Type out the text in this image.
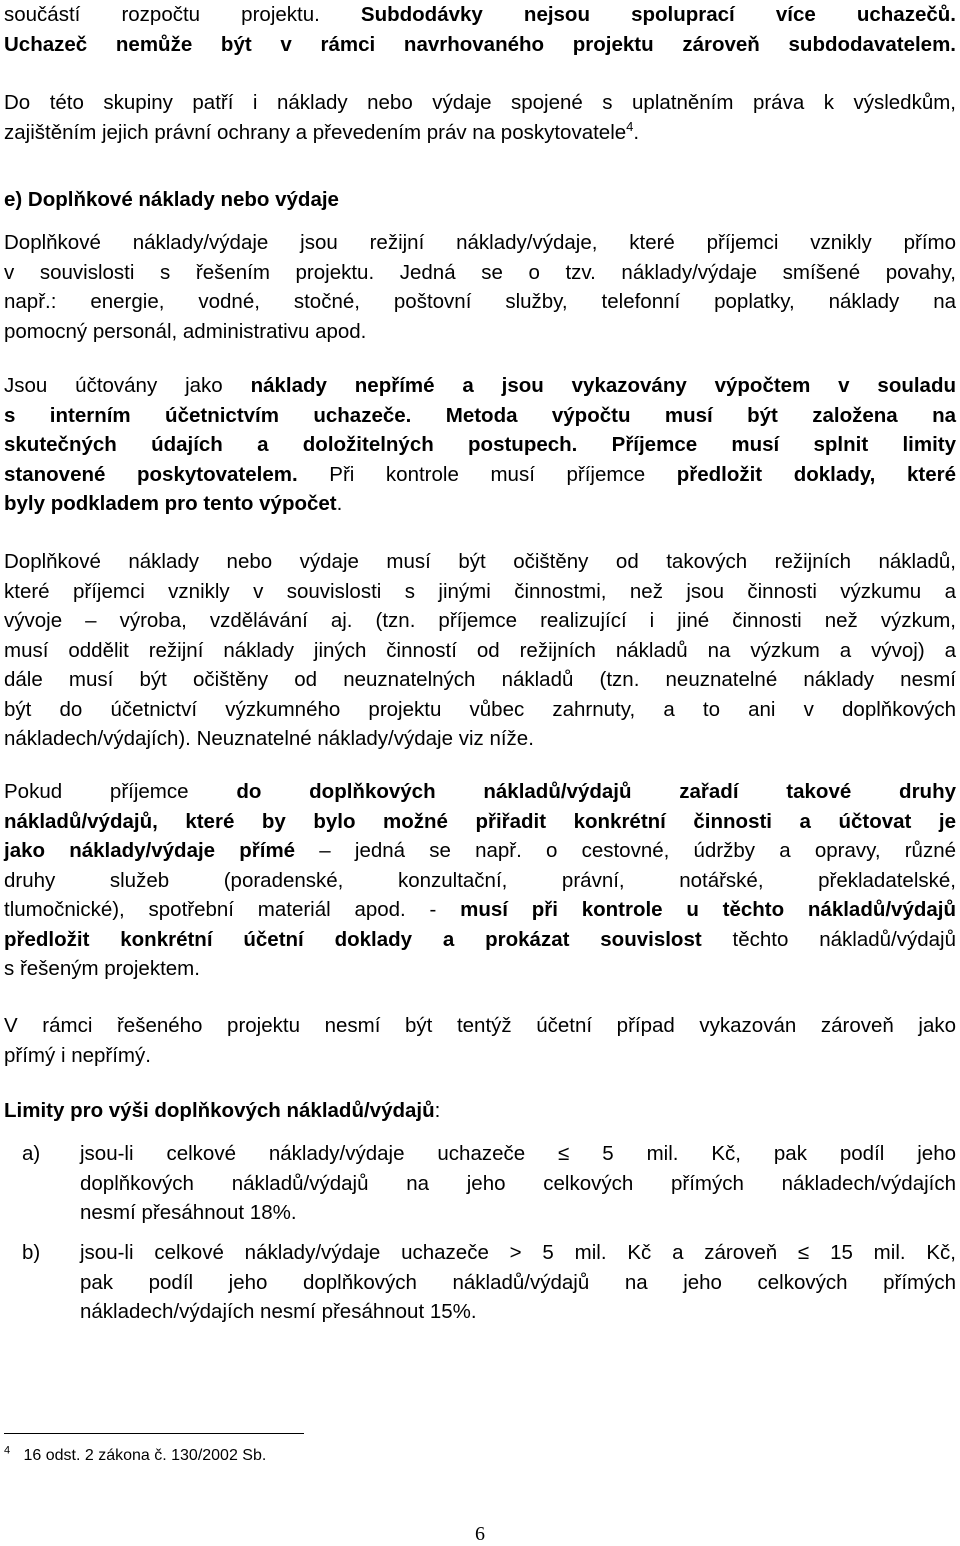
součástí rozpočtu projektu. Subdodávky nejsou spoluprací více uchazečů.
Uchazeč nemůže být v rámci navrhovaného projektu zároveň subdodavatelem.
Do této skupiny patří i náklady nebo výdaje spojené s uplatněním práva k výsledkům,
zajištěním jejich právní ochrany a převedením práv na poskytovatele$^4$.
e) Doplňkové náklady nebo výdaje
Doplňkové náklady/výdaje jsou režijní náklady/výdaje, které příjemci vznikly přímo
v souvislosti s řešením projektu. Jedná se o tzv. náklady/výdaje smíšené povahy,
např.: energie, vodné, stočné, poštovní služby, telefonní poplatky, náklady na
pomocný personál, administrativu apod.
Jsou účtovány jako náklady nepřímé a jsou vykazovány výpočtem v souladu
s interním účetnictvím uchazeče. Metoda výpočtu musí být založena na
skutečných údajích a doložitelných postupech. Příjemce musí splnit limity
stanovené poskytovatelem. Při kontrole musí příjemce předložit doklady, které
byly podkladem pro tento výpočet.
Doplňkové náklady nebo výdaje musí být očištěny od takových režijních nákladů,
které příjemci vznikly v souvislosti s jinými činnostmi, než jsou činnosti výzkumu a
vývoje – výroba, vzdělávání aj. (tzn. příjemce realizující i jiné činnosti než výzkum,
musí oddělit režijní náklady jiných činností od režijních nákladů na výzkum a vývoj) a
dále musí být očištěny od neuznatelných nákladů (tzn. neuznatelné náklady nesmí
být do účetnictví výzkumného projektu vůbec zahrnuty, a to ani v doplňkových
nákladech/výdajích). Neuznatelné náklady/výdaje viz níže.
Pokud příjemce do doplňkových nákladů/výdajů zařadí takové druhy
nákladů/výdajů, které by bylo možné přiřadit konkrétní činnosti a účtovat je
jako náklady/výdaje přímé – jedná se např. o cestovné, údržby a opravy, různé
druhy služeb (poradenské, konzultační, právní, notářské, překladatelské,
tlumočnické), spotřební materiál apod. - musí při kontrole u těchto nákladů/výdajů
předložit konkrétní účetní doklady a prokázat souvislost těchto nákladů/výdajů
s řešeným projektem.
V rámci řešeného projektu nesmí být tentýž účetní případ vykazován zároveň jako
přímý i nepřímý.
Limity pro výši doplňkových nákladů/výdajů:
a) jsou-li celkové náklady/výdaje uchazeče ≤ 5 mil. Kč, pak podíl jeho
doplňkových nákladů/výdajů na jeho celkových přímých nákladech/výdajích
nesmí přesáhnout 18%.
b) jsou-li celkové náklady/výdaje uchazeče > 5 mil. Kč a zároveň ≤ 15 mil. Kč,
pak podíl jeho doplňkových nákladů/výdajů na jeho celkových přímých
nákladech/výdajích nesmí přesáhnout 15%.
$^4$ 16 odst. 2 zákona č. 130/2002 Sb.
6
